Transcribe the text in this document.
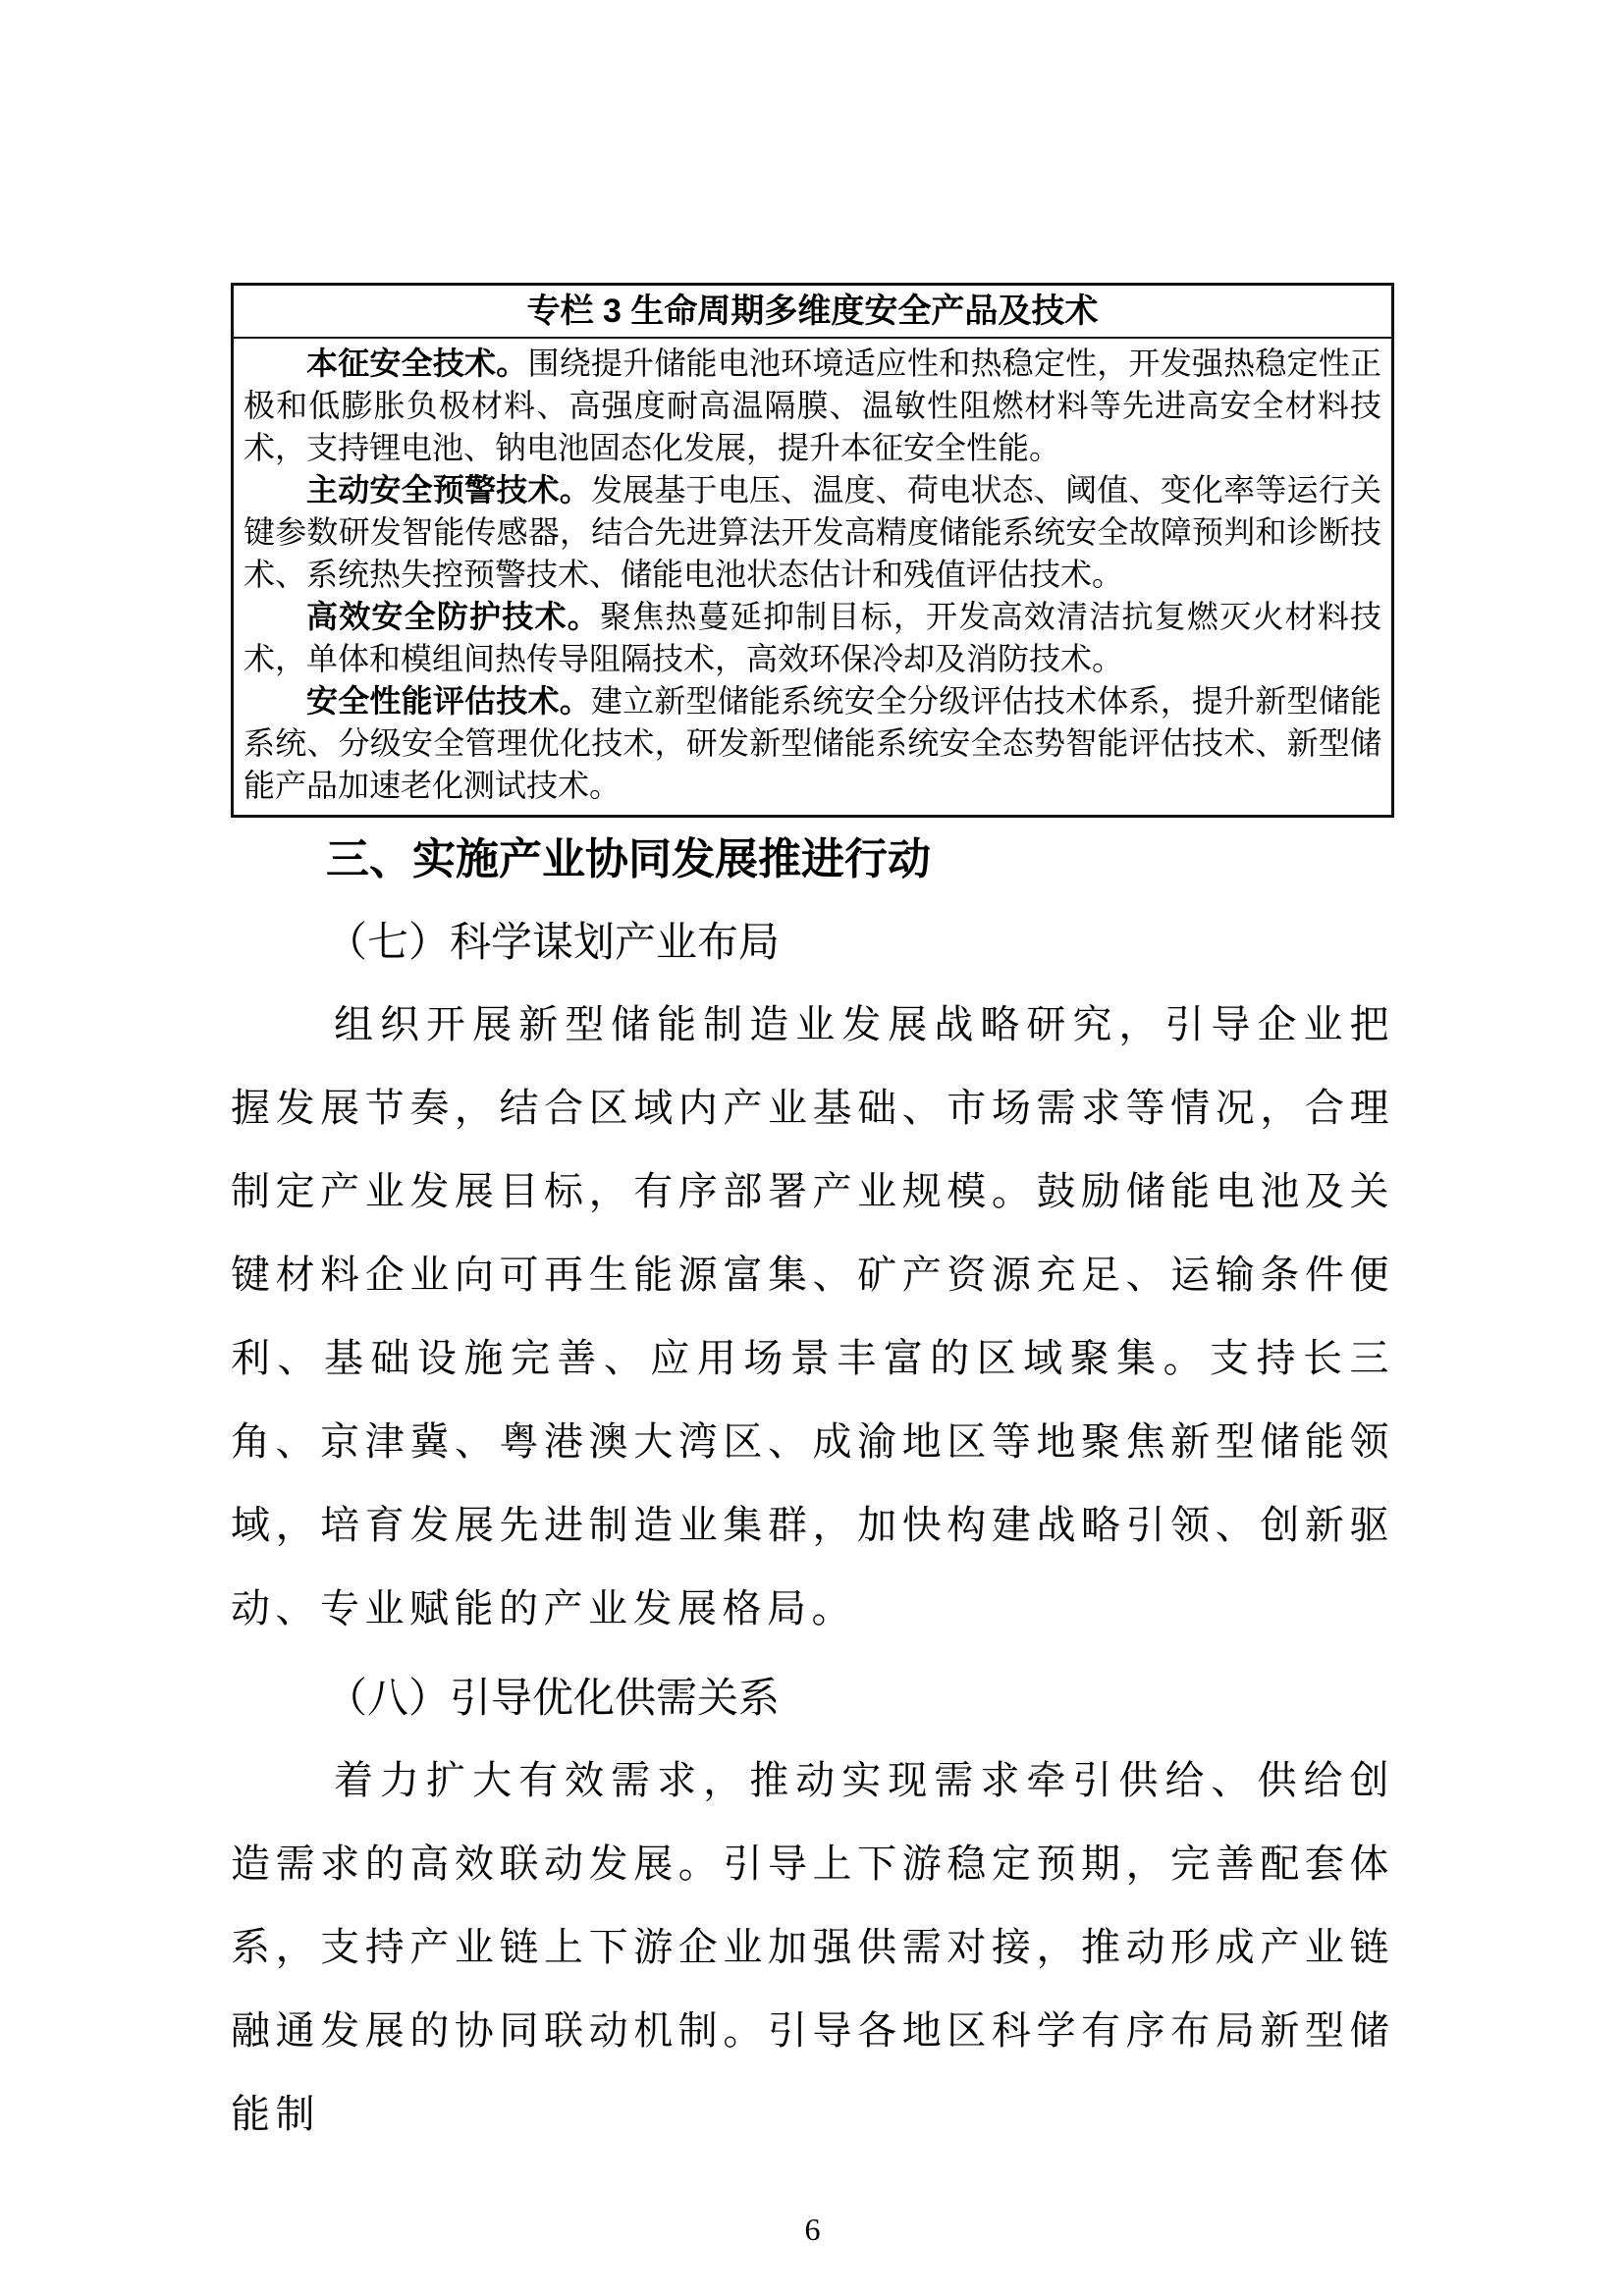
专栏 3 生命周期多维度安全产品及技术

本征安全技术。围绕提升储能电池环境适应性和热稳定性，开发强热稳定性正极和低膨胀负极材料、高强度耐高温隔膜、温敏性阻燃材料等先进高安全材料技术，支持锂电池、钠电池固态化发展，提升本征安全性能。

主动安全预警技术。发展基于电压、温度、荷电状态、阈值、变化率等运行关键参数研发智能传感器，结合先进算法开发高精度储能系统安全故障预判和诊断技术、系统热失控预警技术、储能电池状态估计和残值评估技术。

高效安全防护技术。聚焦热蔓延抑制目标，开发高效清洁抗复燃灭火材料技术，单体和模组间热传导阻隔技术，高效环保冷却及消防技术。

安全性能评估技术。建立新型储能系统安全分级评估技术体系，提升新型储能系统、分级安全管理优化技术，研发新型储能系统安全态势智能评估技术、新型储能产品加速老化测试技术。

三、实施产业协同发展推进行动
（七）科学谋划产业布局

组织开展新型储能制造业发展战略研究，引导企业把握发展节奏，结合区域内产业基础、市场需求等情况，合理制定产业发展目标，有序部署产业规模。鼓励储能电池及关键材料企业向可再生能源富集、矿产资源充足、运输条件便利、基础设施完善、应用场景丰富的区域聚集。支持长三角、京津冀、粤港澳大湾区、成渝地区等地聚焦新型储能领域，培育发展先进制造业集群，加快构建战略引领、创新驱动、专业赋能的产业发展格局。

（八）引导优化供需关系

着力扩大有效需求，推动实现需求牵引供给、供给创造需求的高效联动发展。引导上下游稳定预期，完善配套体系，支持产业链上下游企业加强供需对接，推动形成产业链融通发展的协同联动机制。引导各地区科学有序布局新型储能制

6
